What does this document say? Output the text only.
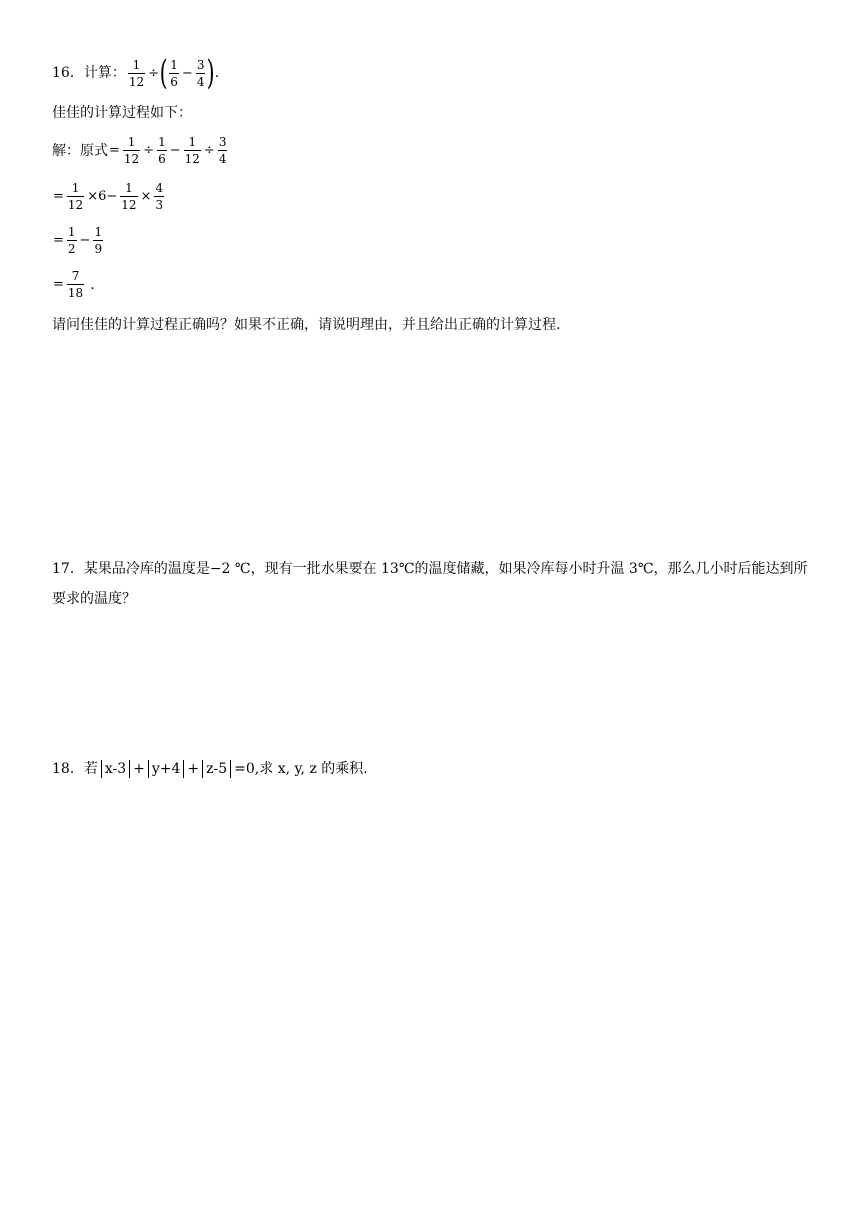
16． 计算： $\frac{1}{12}$ ÷ ( $\frac{1}{6} - \frac{3}{4}$ ) .
佳佳的计算过程如下：
解：原式 = $\frac{1}{12} \div \frac{1}{6} - \frac{1}{12} \div \frac{3}{4}$
= $\frac{1}{12} \times 6- \frac{1}{12} \times \frac{4}{3}$
= $\frac{1}{2} - \frac{1}{9}$
= $\frac{7}{18}$ .
请问佳佳的计算过程正确吗？如果不正确，请说明理由，并且给出正确的计算过程.
17．某果品冷库的温度是−2 ℃，现有一批水果要在 13℃的温度储藏，如果冷库每小时升温 3℃，那么几小时后能达到所要求的温度？
18．若 x-3 + y+4 + z-5 =0,求 x, y, z 的乘积.
